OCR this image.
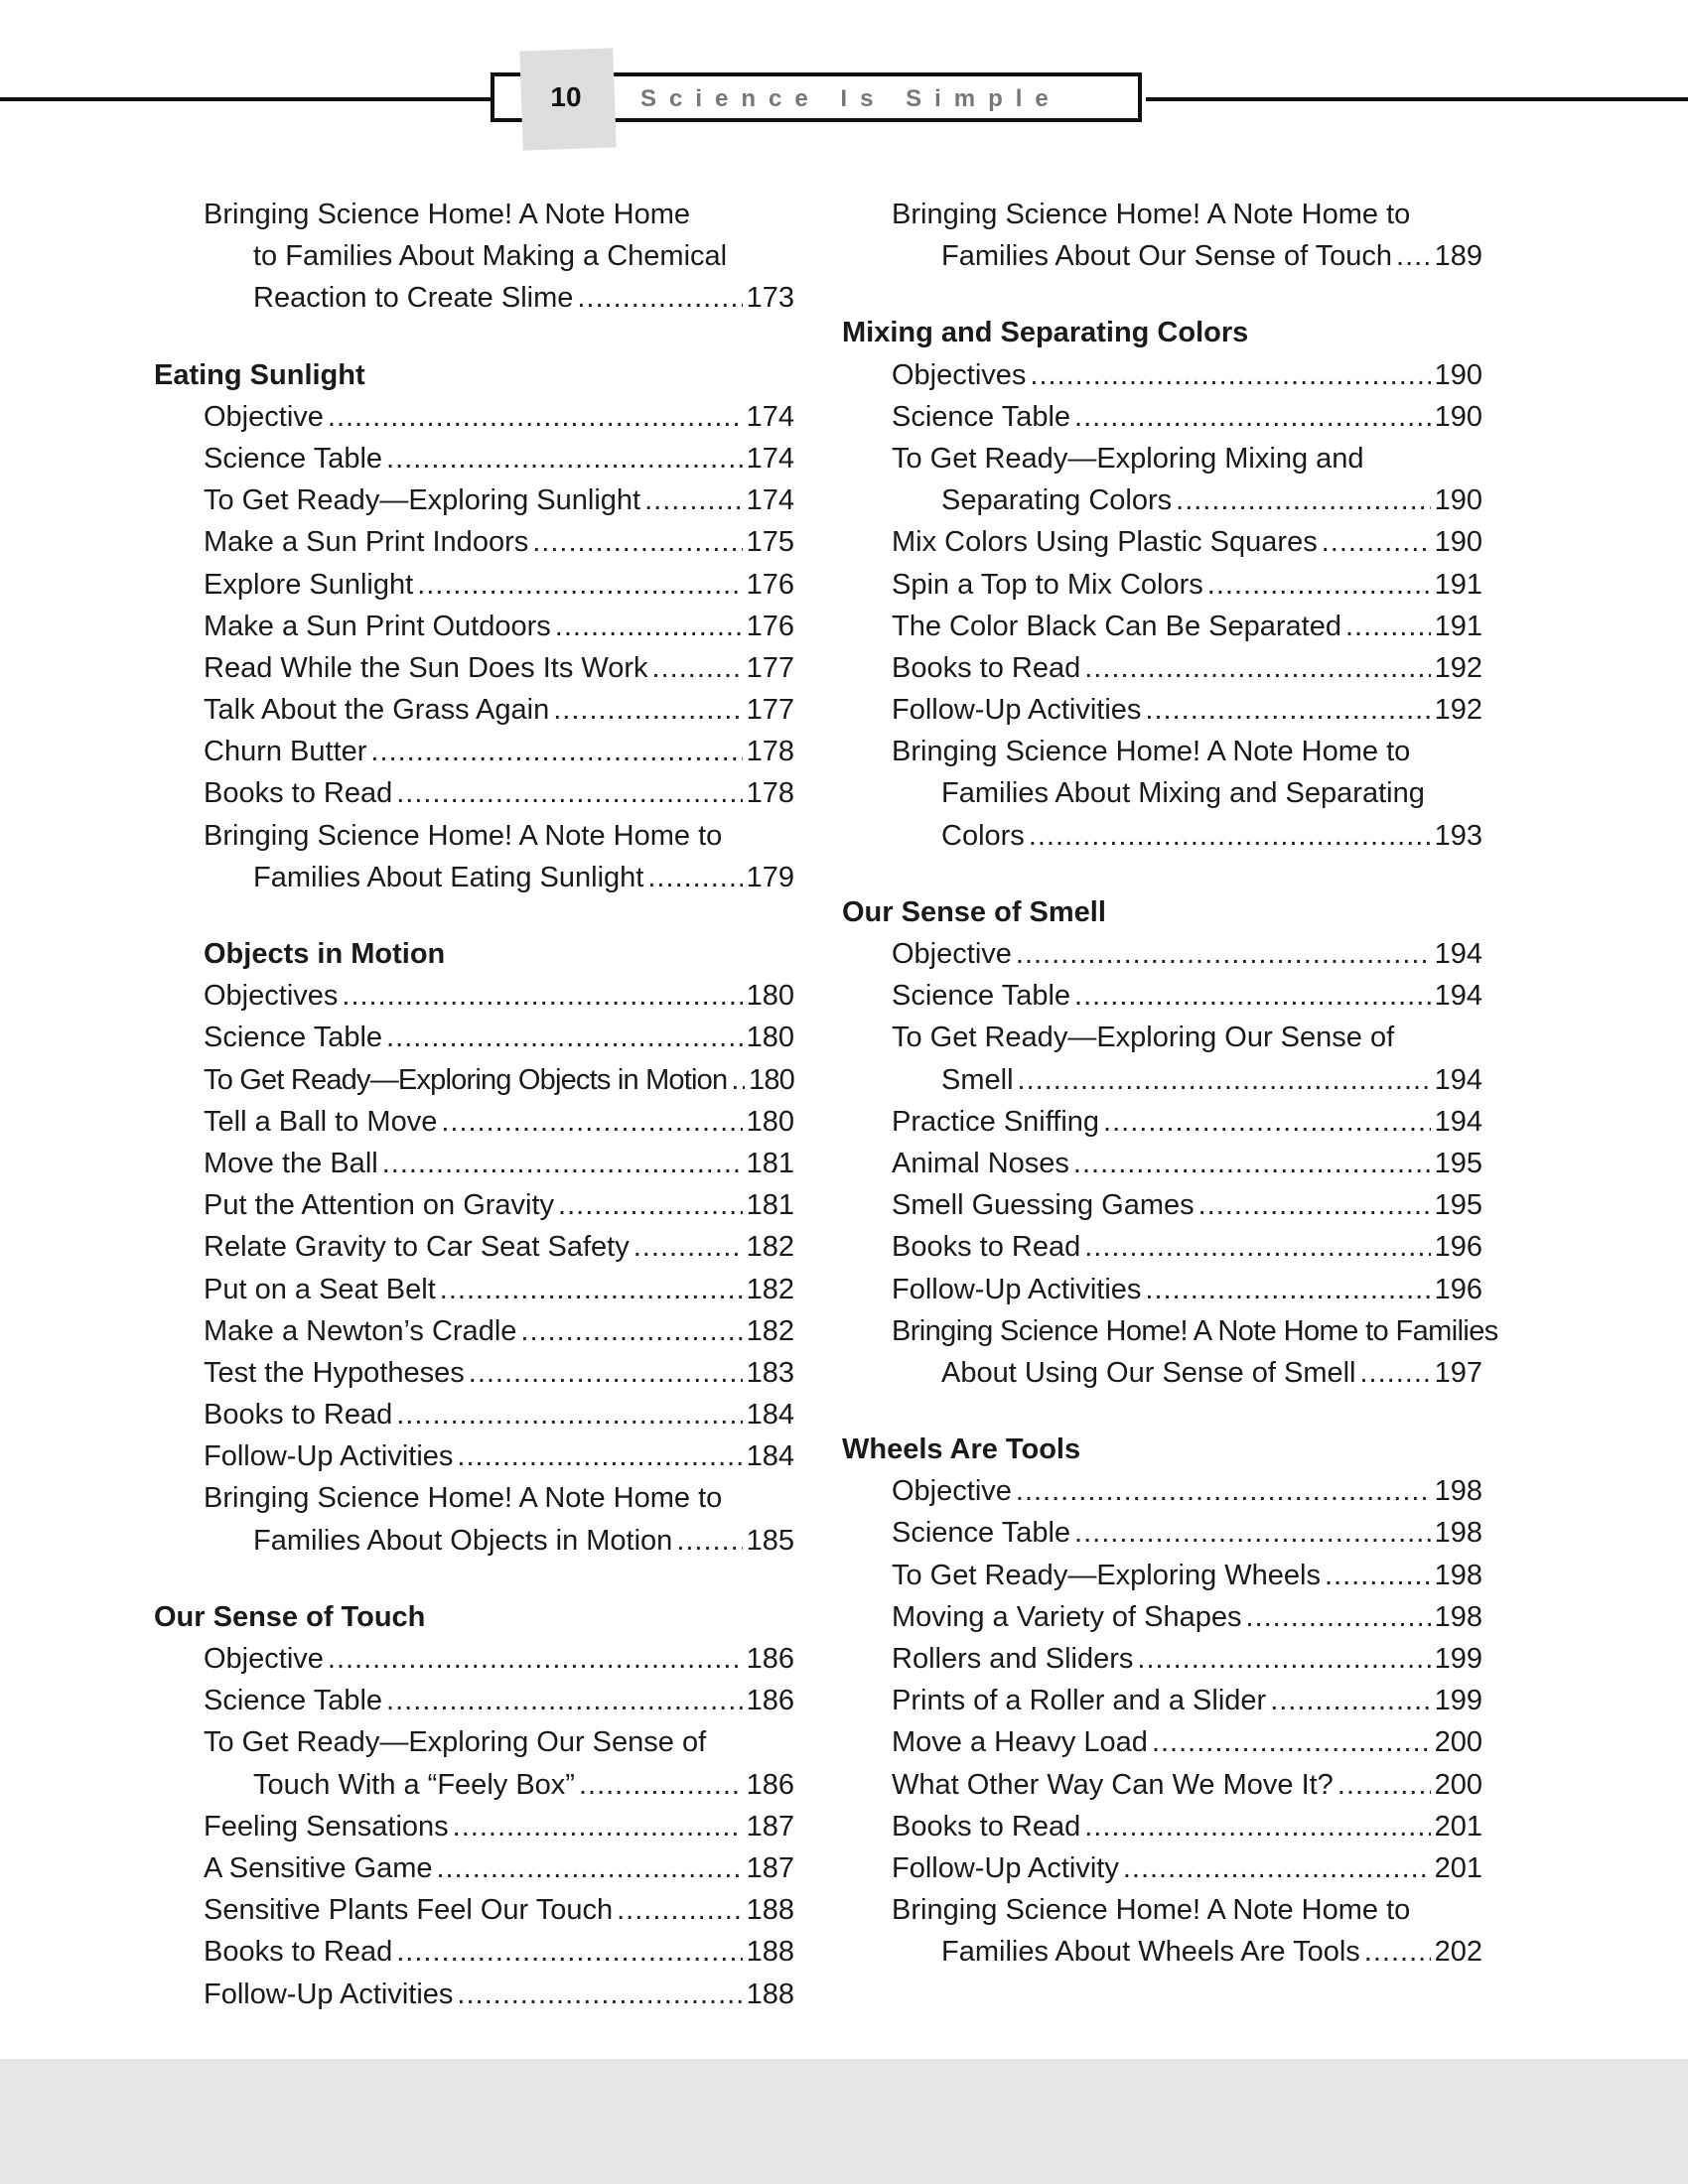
10	Science Is Simple
Bringing Science Home! A Note Home
to Families About Making a Chemical
Reaction to Create Slime .....	173
Eating Sunlight
Objective .....	174
Science Table .....	174
To Get Ready—Exploring Sunlight .....	174
Make a Sun Print Indoors .....	175
Explore Sunlight .....	176
Make a Sun Print Outdoors .....	176
Read While the Sun Does Its Work .....	177
Talk About the Grass Again .....	177
Churn Butter .....	178
Books to Read .....	178
Bringing Science Home! A Note Home to
Families About Eating Sunlight .....	179
Objects in Motion
Objectives .....	180
Science Table .....	180
To Get Ready—Exploring Objects in Motion ..... 180
Tell a Ball to Move .....	180
Move the Ball .....	181
Put the Attention on Gravity .....	181
Relate Gravity to Car Seat Safety .....	182
Put on a Seat Belt .....	182
Make a Newton’s Cradle .....	182
Test the Hypotheses .....	183
Books to Read .....	184
Follow-Up Activities .....	184
Bringing Science Home! A Note Home to
Families About Objects in Motion .....	185
Our Sense of Touch
Objective .....	186
Science Table .....	186
To Get Ready—Exploring Our Sense of
Touch With a “Feely Box” .....	186
Feeling Sensations .....	187
A Sensitive Game .....	187
Sensitive Plants Feel Our Touch .....	188
Books to Read .....	188
Follow-Up Activities .....	188
Bringing Science Home! A Note Home to
Families About Our Sense of Touch ..... 189
Mixing and Separating Colors
Objectives .....	190
Science Table .....	190
To Get Ready—Exploring Mixing and
Separating Colors .....	190
Mix Colors Using Plastic Squares .....	190
Spin a Top to Mix Colors .....	191
The Color Black Can Be Separated .....	191
Books to Read .....	192
Follow-Up Activities .....	192
Bringing Science Home! A Note Home to
Families About Mixing and Separating
Colors .....	193
Our Sense of Smell
Objective .....	194
Science Table .....	194
To Get Ready—Exploring Our Sense of
Smell .....	194
Practice Sniffing .....	194
Animal Noses .....	195
Smell Guessing Games .....	195
Books to Read .....	196
Follow-Up Activities .....	196
Bringing Science Home! A Note Home to Families
About Using Our Sense of Smell .....	197
Wheels Are Tools
Objective .....	198
Science Table .....	198
To Get Ready—Exploring Wheels .....	198
Moving a Variety of Shapes .....	198
Rollers and Sliders .....	199
Prints of a Roller and a Slider .....	199
Move a Heavy Load .....	200
What Other Way Can We Move It? .....	200
Books to Read .....	201
Follow-Up Activity .....	201
Bringing Science Home! A Note Home to
Families About Wheels Are Tools .....	202
